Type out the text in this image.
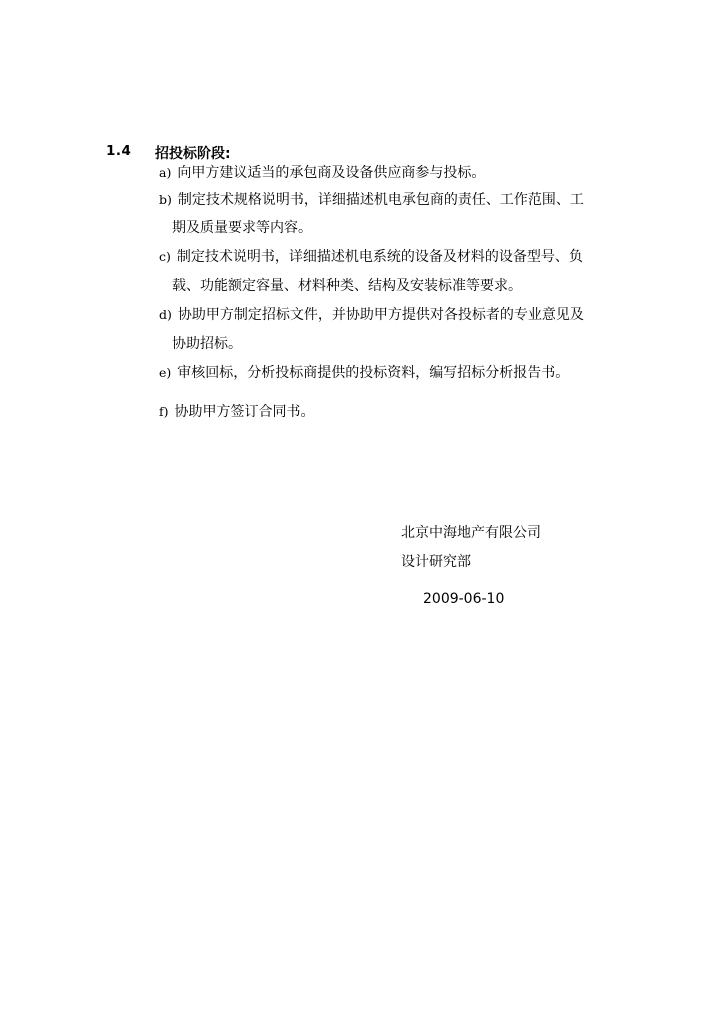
1.4 招投标阶段:
a) 向甲方建议适当的承包商及设备供应商参与投标。
b) 制定技术规格说明书，详细描述机电承包商的责任、工作范围、工
期及质量要求等内容。
c) 制定技术说明书，详细描述机电系统的设备及材料的设备型号、负
载、功能额定容量、材料种类、结构及安装标准等要求。
d) 协助甲方制定招标文件，并协助甲方提供对各投标者的专业意见及
协助招标。
e) 审核回标，分析投标商提供的投标资料，编写招标分析报告书。
f) 协助甲方签订合同书。
北京中海地产有限公司
设计研究部
2009-06-10
